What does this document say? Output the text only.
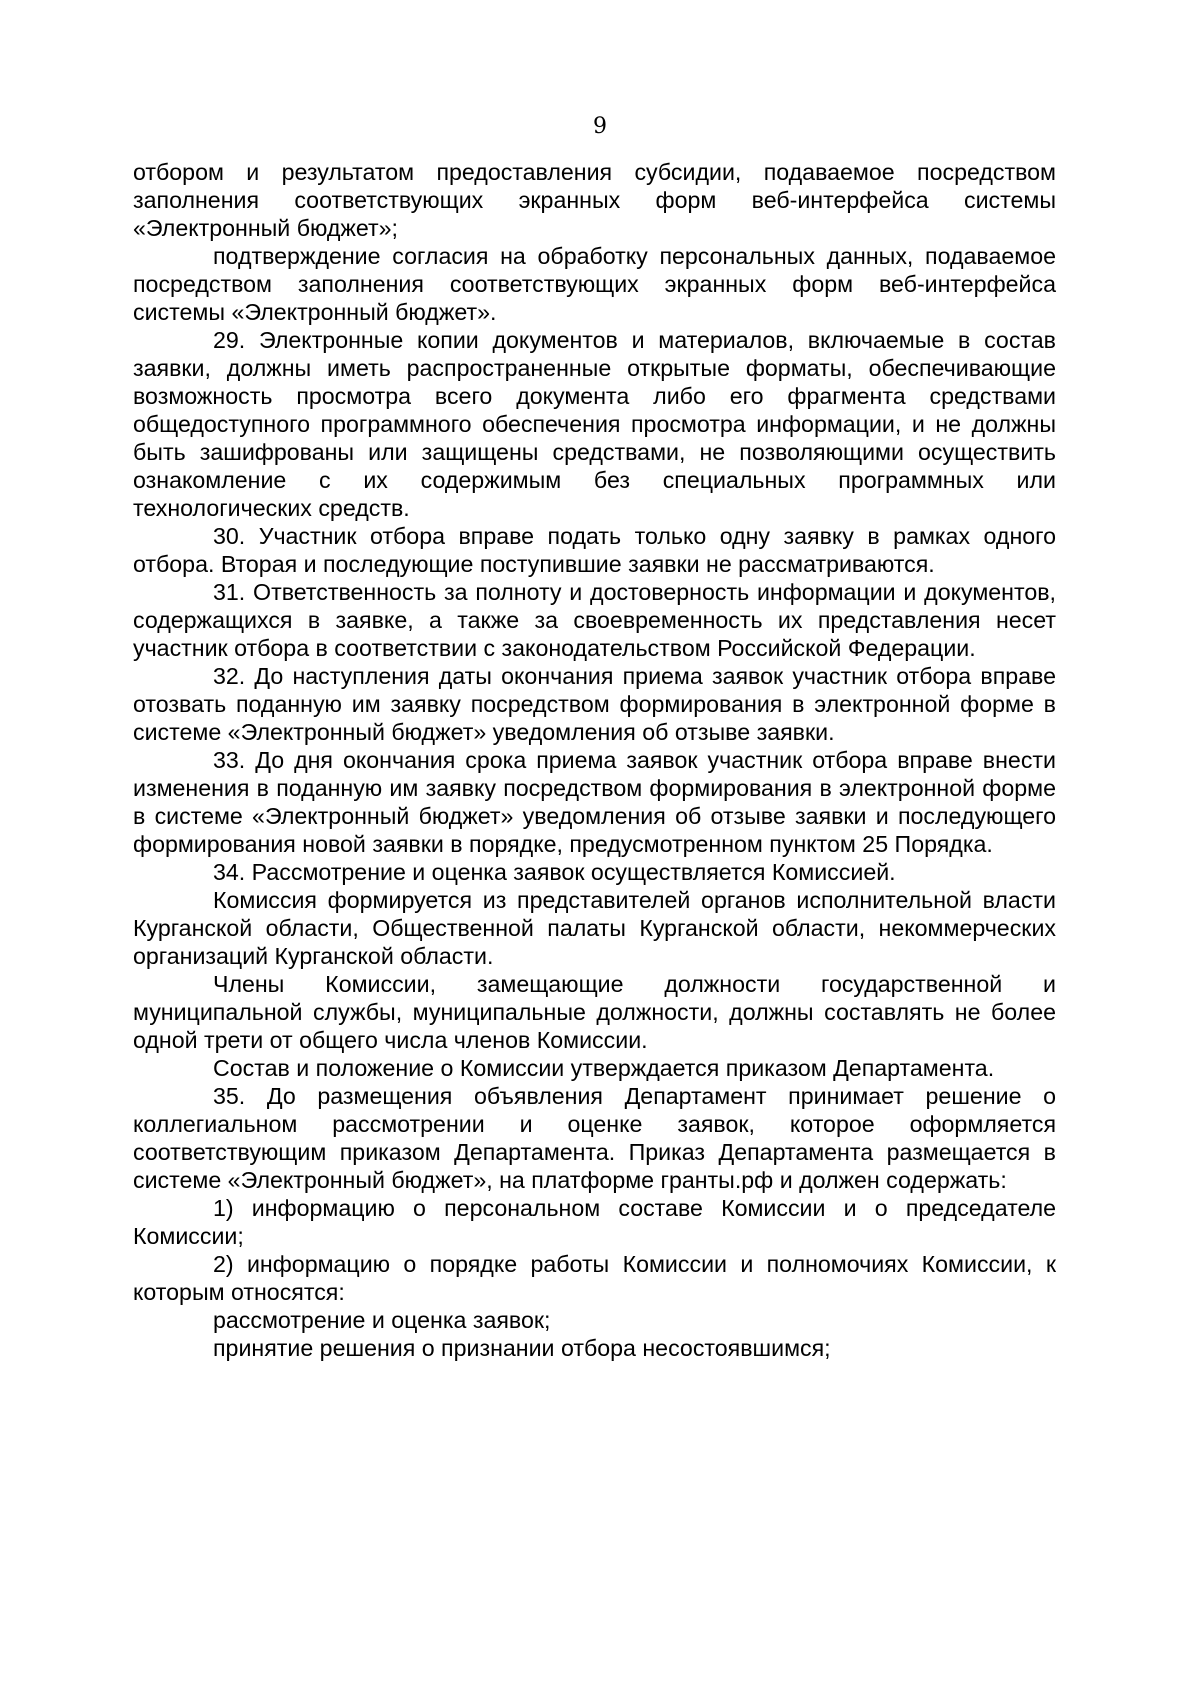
9

отбором и результатом предоставления субсидии, подаваемое посредством заполнения соответствующих экранных форм веб-интерфейса системы «Электронный бюджет»;

подтверждение согласия на обработку персональных данных, подаваемое посредством заполнения соответствующих экранных форм веб-интерфейса системы «Электронный бюджет».

29. Электронные копии документов и материалов, включаемые в состав заявки, должны иметь распространенные открытые форматы, обеспечивающие возможность просмотра всего документа либо его фрагмента средствами общедоступного программного обеспечения просмотра информации, и не должны быть зашифрованы или защищены средствами, не позволяющими осуществить ознакомление с их содержимым без специальных программных или технологических средств.

30. Участник отбора вправе подать только одну заявку в рамках одного отбора. Вторая и последующие поступившие заявки не рассматриваются.

31. Ответственность за полноту и достоверность информации и документов, содержащихся в заявке, а также за своевременность их представления несет участник отбора в соответствии с законодательством Российской Федерации.

32. До наступления даты окончания приема заявок участник отбора вправе отозвать поданную им заявку посредством формирования в электронной форме в системе «Электронный бюджет» уведомления об отзыве заявки.

33. До дня окончания срока приема заявок участник отбора вправе внести изменения в поданную им заявку посредством формирования в электронной форме в системе «Электронный бюджет» уведомления об отзыве заявки и последующего формирования новой заявки в порядке, предусмотренном пунктом 25 Порядка.

34. Рассмотрение и оценка заявок осуществляется Комиссией.

Комиссия формируется из представителей органов исполнительной власти Курганской области, Общественной палаты Курганской области, некоммерческих организаций Курганской области.

Члены Комиссии, замещающие должности государственной и муниципальной службы, муниципальные должности, должны составлять не более одной трети от общего числа членов Комиссии.

Состав и положение о Комиссии утверждается приказом Департамента.

35. До размещения объявления Департамент принимает решение о коллегиальном рассмотрении и оценке заявок, которое оформляется соответствующим приказом Департамента. Приказ Департамента размещается в системе «Электронный бюджет», на платформе гранты.рф и должен содержать:

1) информацию о персональном составе Комиссии и о председателе Комиссии;

2) информацию о порядке работы Комиссии и полномочиях Комиссии, к которым относятся:

рассмотрение и оценка заявок;

принятие решения о признании отбора несостоявшимся;
